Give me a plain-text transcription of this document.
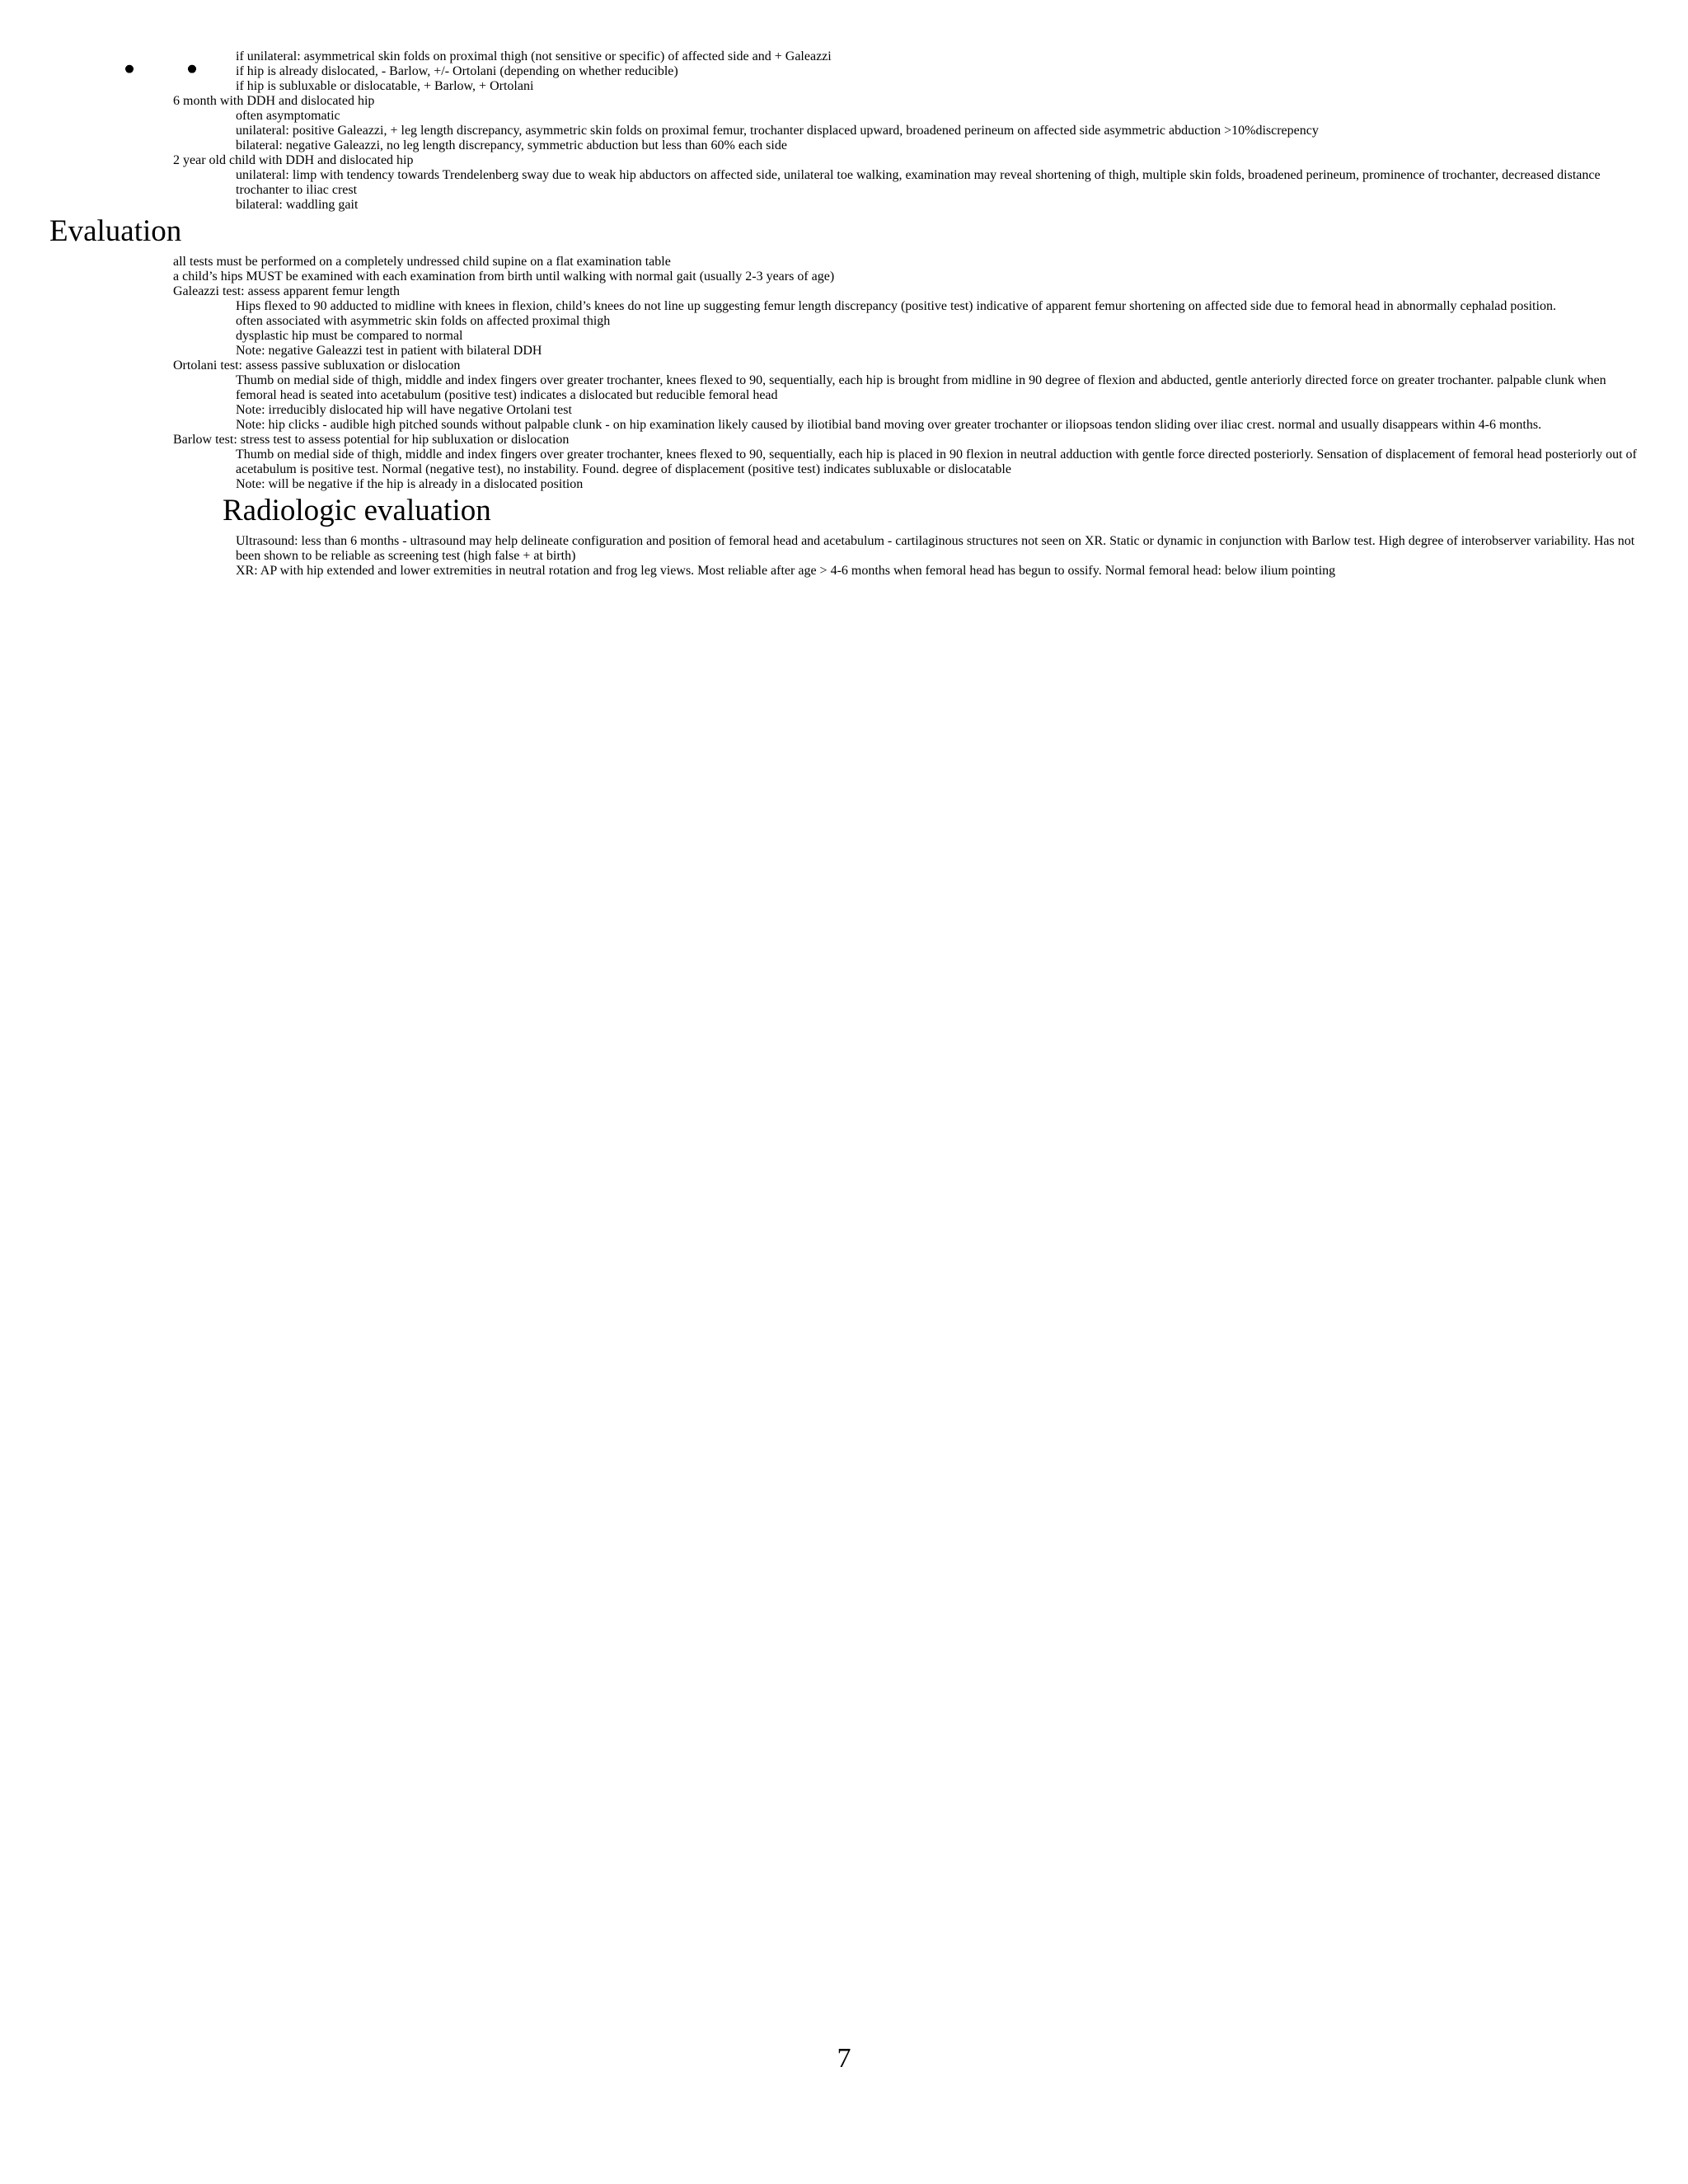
• if unilateral: asymmetrical skin folds on proximal thigh (not sensitive or specific) of affected side and + Galeazzi
• if hip is already dislocated, - Barlow, +/- Ortolani (depending on whether reducible)
• if hip is subluxable or dislocatable, + Barlow, + Ortolani
• 6 month with DDH and dislocated hip
• often asymptomatic
• unilateral: positive Galeazzi, + leg length discrepancy, asymmetric skin folds on proximal femur, trochanter displaced upward, broadened perineum on affected side asymmetric abduction >10%discrepency
• bilateral: negative Galeazzi, no leg length discrepancy, symmetric abduction but less than 60% each side
• 2 year old child with DDH and dislocated hip
• unilateral: limp with tendency towards Trendelenberg sway due to weak hip abductors on affected side, unilateral toe walking, examination may reveal shortening of thigh, multiple skin folds, broadened perineum, prominence of trochanter, decreased distance trochanter to iliac crest
• bilateral: waddling gait
Evaluation
• all tests must be performed on a completely undressed child supine on a flat examination table
• a child’s hips MUST be examined with each examination from birth until walking with normal gait (usually 2-3 years of age)
• Galeazzi test: assess apparent femur length
• Hips flexed to 90 adducted to midline with knees in flexion, child’s knees do not line up suggesting femur length discrepancy (positive test) indicative of apparent femur shortening on affected side due to femoral head in abnormally cephalad position.
• often associated with asymmetric skin folds on affected proximal thigh
• dysplastic hip must be compared to normal
• Note: negative Galeazzi test in patient with bilateral DDH
• Ortolani test: assess passive subluxation or dislocation
• Thumb on medial side of thigh, middle and index fingers over greater trochanter, knees flexed to 90, sequentially, each hip is brought from midline in 90 degree of flexion and abducted, gentle anteriorly directed force on greater trochanter. palpable clunk when femoral head is seated into acetabulum (positive test) indicates a dislocated but reducible femoral head
• Note: irreducibly dislocated hip will have negative Ortolani test
• Note: hip clicks - audible high pitched sounds without palpable clunk - on hip examination likely caused by iliotibial band moving over greater trochanter or iliopsoas tendon sliding over iliac crest. normal and usually disappears within 4-6 months.
• Barlow test: stress test to assess potential for hip subluxation or dislocation
• Thumb on medial side of thigh, middle and index fingers over greater trochanter, knees flexed to 90, sequentially, each hip is placed in 90 flexion in neutral adduction with gentle force directed posteriorly. Sensation of displacement of femoral head posteriorly out of acetabulum is positive test. Normal (negative test), no instability. Found. degree of displacement (positive test) indicates subluxable or dislocatable
• Note: will be negative if the hip is already in a dislocated position
Radiologic evaluation
• Ultrasound: less than 6 months - ultrasound may help delineate configuration and position of femoral head and acetabulum - cartilaginous structures not seen on XR. Static or dynamic in conjunction with Barlow test. High degree of interobserver variability. Has not been shown to be reliable as screening test (high false + at birth)
• XR: AP with hip extended and lower extremities in neutral rotation and frog leg views. Most reliable after age > 4-6 months when femoral head has begun to ossify. Normal femoral head: below ilium pointing
7
